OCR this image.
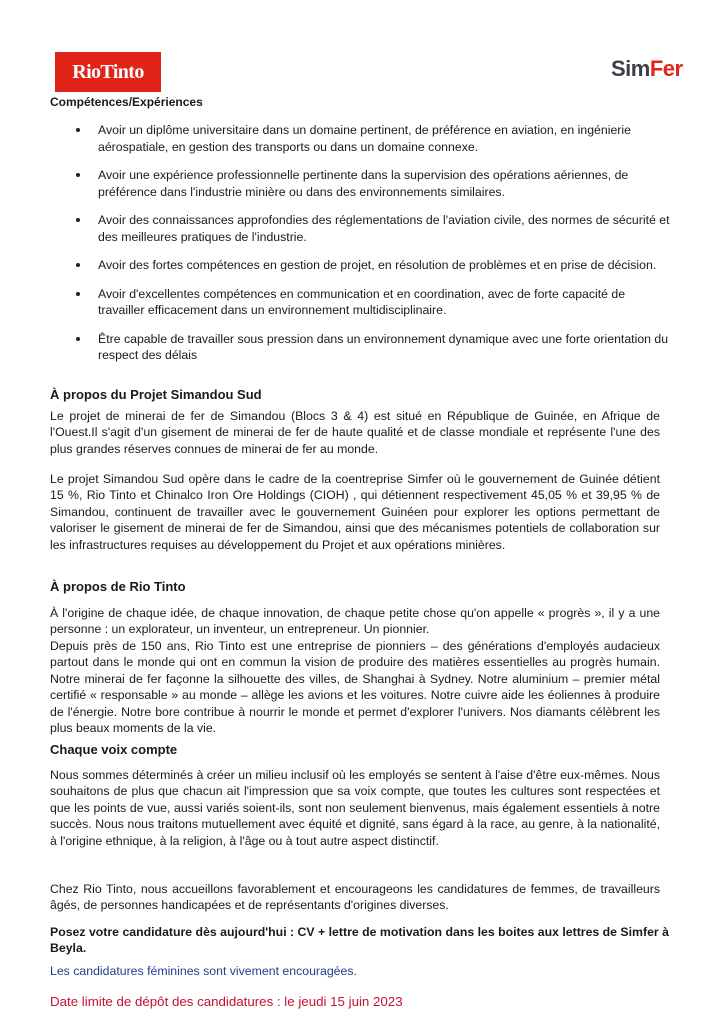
RioTinto	SimFer
Compétences/Expériences
Avoir un diplôme universitaire dans un domaine pertinent, de préférence en aviation, en ingénierie aérospatiale, en gestion des transports ou dans un domaine connexe.
Avoir une expérience professionnelle pertinente dans la supervision des opérations aériennes, de préférence dans l'industrie minière ou dans des environnements similaires.
Avoir des connaissances approfondies des réglementations de l'aviation civile, des normes de sécurité et des meilleures pratiques de l'industrie.
Avoir des fortes compétences en gestion de projet, en résolution de problèmes et en prise de décision.
Avoir d'excellentes compétences en communication et en coordination, avec de forte capacité de travailler efficacement dans un environnement multidisciplinaire.
Être capable de travailler sous pression dans un environnement dynamique avec une forte orientation du respect des délais
À propos du Projet Simandou Sud

Le projet de minerai de fer de Simandou (Blocs 3 & 4) est situé en République de Guinée, en Afrique de l'Ouest.Il s'agit d'un gisement de minerai de fer de haute qualité et de classe mondiale et représente l'une des plus grandes réserves connues de minerai de fer au monde.

Le projet Simandou Sud opère dans le cadre de la coentreprise Simfer où le gouvernement de Guinée détient 15 %, Rio Tinto et Chinalco Iron Ore Holdings (CIOH) , qui détiennent respectivement 45,05 % et 39,95 % de Simandou, continuent de travailler avec le gouvernement Guinéen pour explorer les options permettant de valoriser le gisement de minerai de fer de Simandou, ainsi que des mécanismes potentiels de collaboration sur les infrastructures requises au développement du Projet et aux opérations minières.

À propos de Rio Tinto

À l'origine de chaque idée, de chaque innovation, de chaque petite chose qu'on appelle « progrès », il y a une personne : un explorateur, un inventeur, un entrepreneur. Un pionnier.

Depuis près de 150 ans, Rio Tinto est une entreprise de pionniers – des générations d'employés audacieux partout dans le monde qui ont en commun la vision de produire des matières essentielles au progrès humain. Notre minerai de fer façonne la silhouette des villes, de Shanghai à Sydney. Notre aluminium – premier métal certifié « responsable » au monde – allège les avions et les voitures. Notre cuivre aide les éoliennes à produire de l'énergie. Notre bore contribue à nourrir le monde et permet d'explorer l'univers. Nos diamants célèbrent les plus beaux moments de la vie.

Chaque voix compte

Nous sommes déterminés à créer un milieu inclusif où les employés se sentent à l'aise d'être eux-mêmes. Nous souhaitons de plus que chacun ait l'impression que sa voix compte, que toutes les cultures sont respectées et que les points de vue, aussi variés soient-ils, sont non seulement bienvenus, mais également essentiels à notre succès. Nous nous traitons mutuellement avec équité et dignité, sans égard à la race, au genre, à la nationalité, à l'origine ethnique, à la religion, à l'âge ou à tout autre aspect distinctif.

Chez Rio Tinto, nous accueillons favorablement et encourageons les candidatures de femmes, de travailleurs âgés, de personnes handicapées et de représentants d'origines diverses.

Posez votre candidature dès aujourd'hui : CV + lettre de motivation dans les boites aux lettres de Simfer à Beyla.
Les candidatures féminines sont vivement encouragées.
Date limite de dépôt des candidatures : le jeudi 15 juin 2023
